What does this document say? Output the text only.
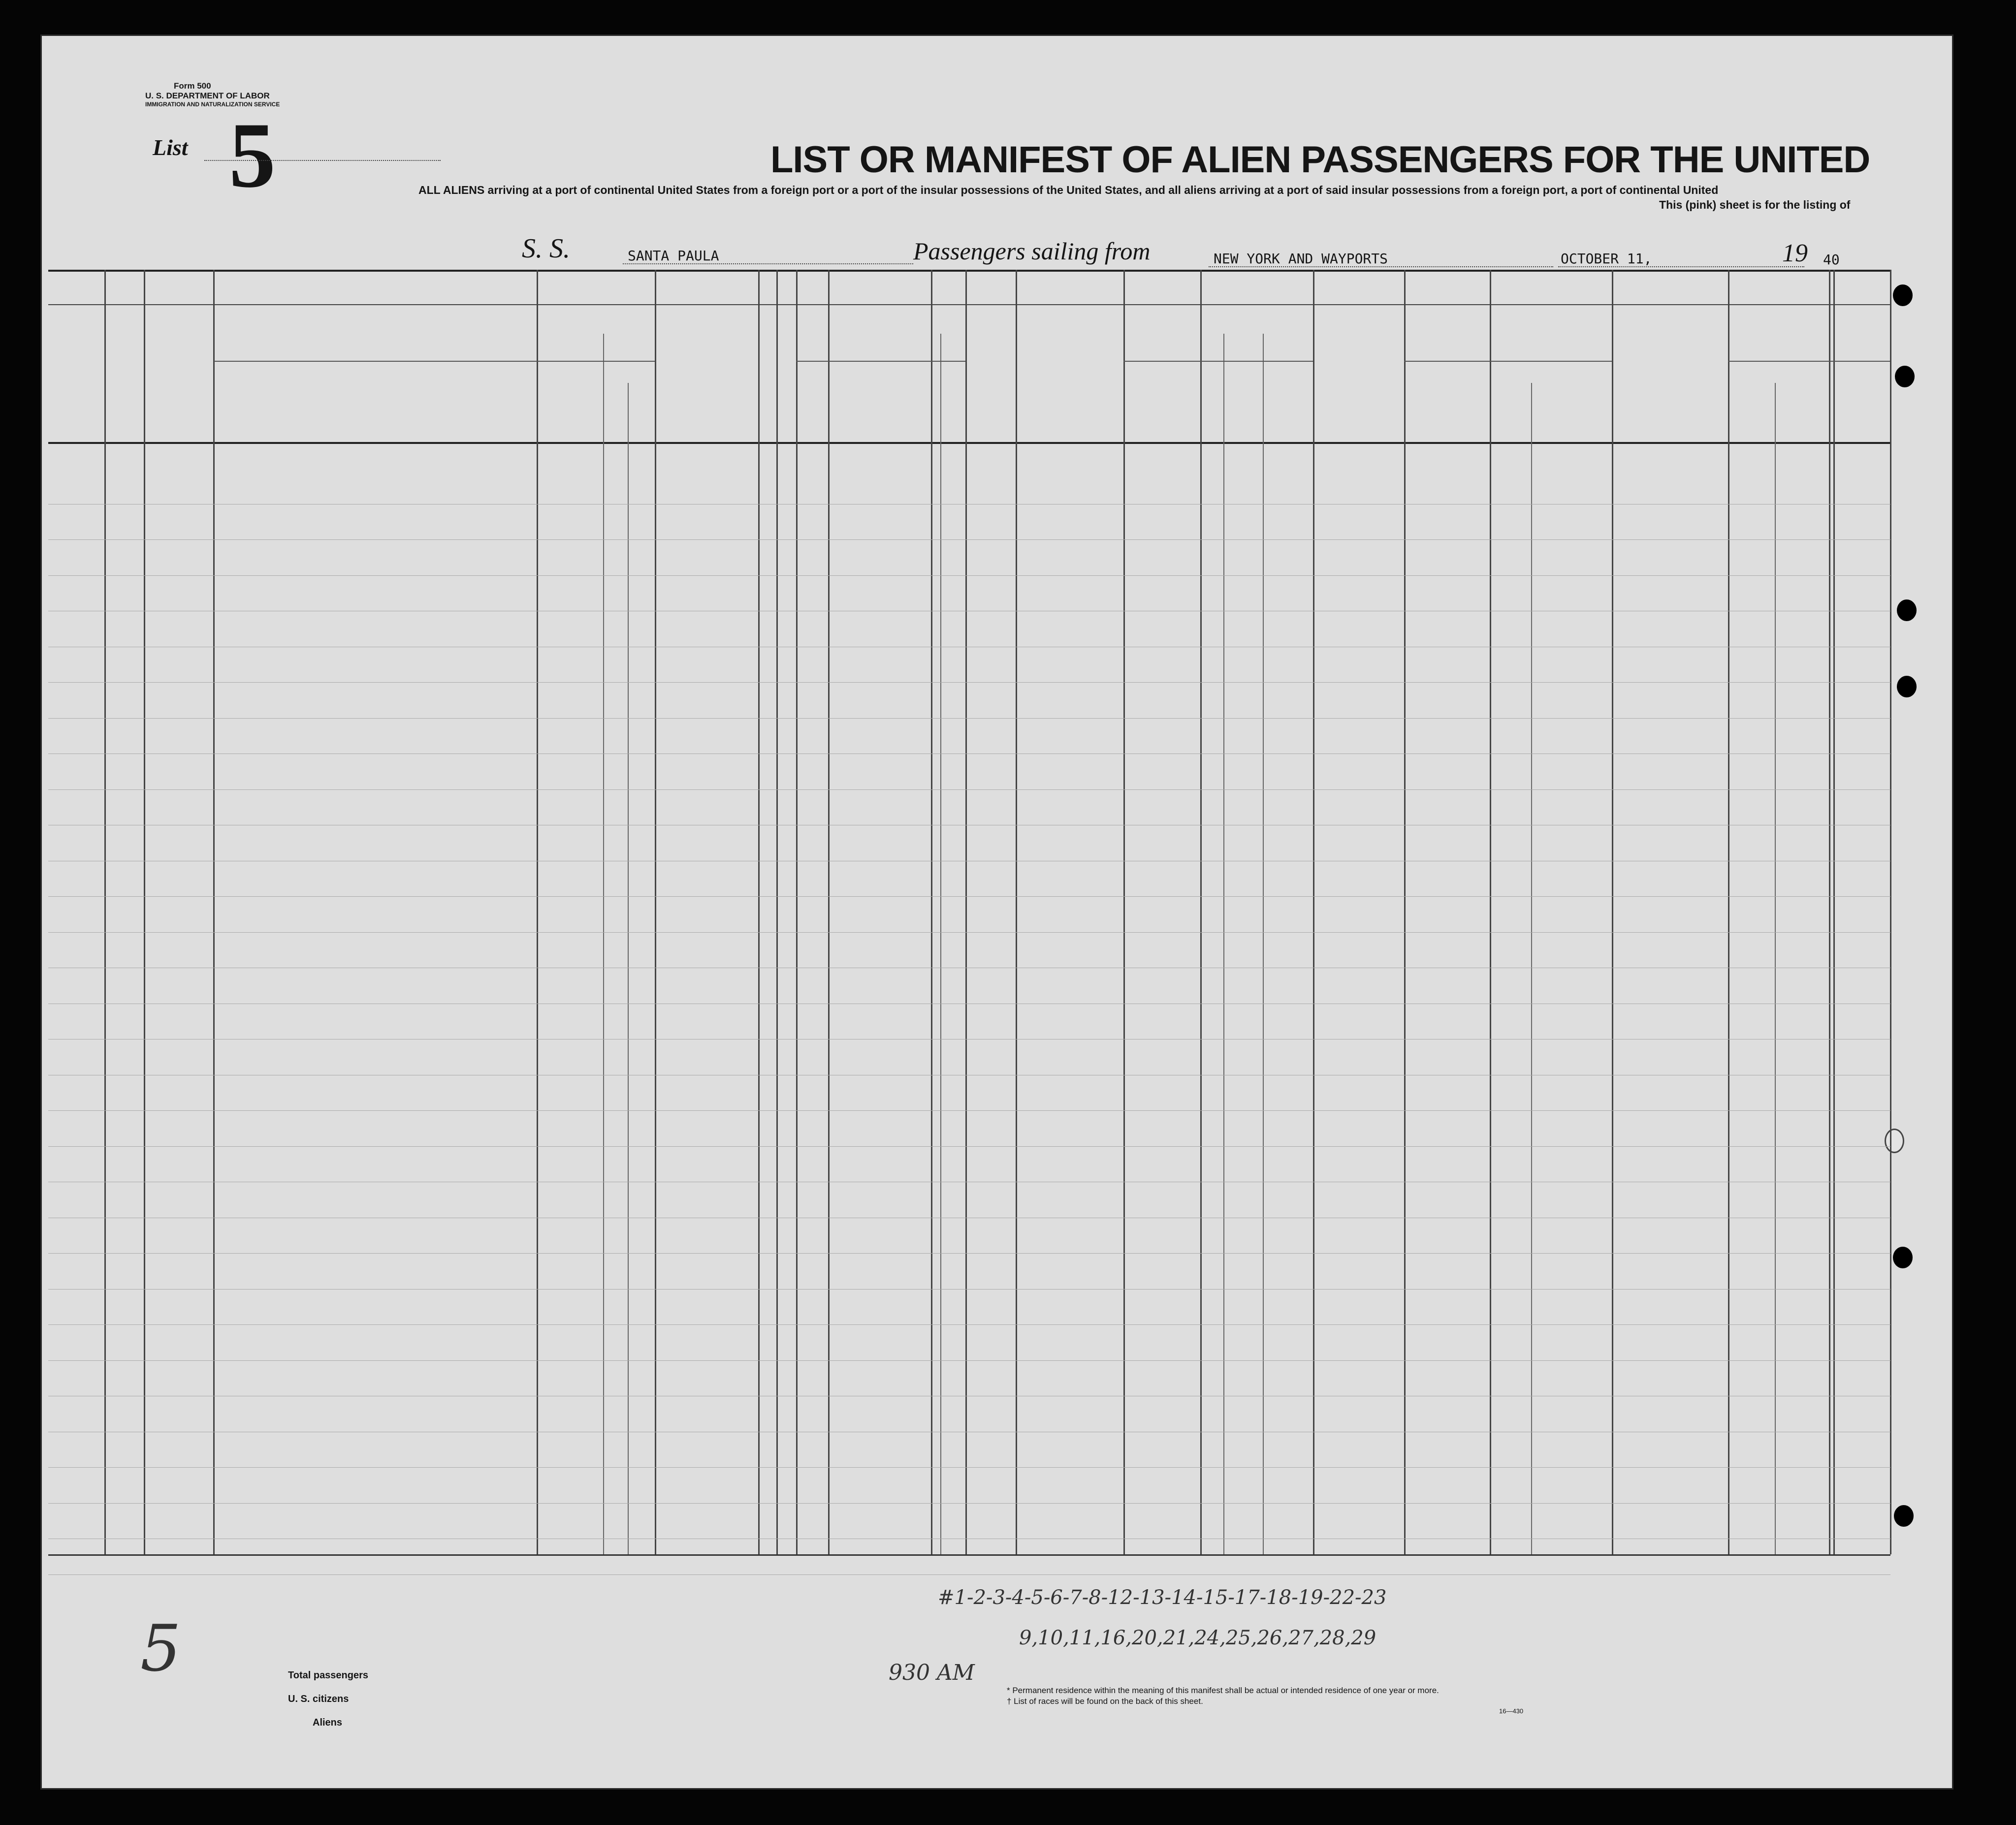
Form 500
U. S. DEPARTMENT OF LABOR
IMMIGRATION AND NATURALIZATION SERVICE
List 5	LIST OR MANIFEST OF ALIEN PASSENGERS FOR THE UNITED
ALL ALIENS arriving at a port of continental United States from a foreign port or a port of the insular possessions of the United States, and all aliens arriving at a port of said insular possessions from a foreign port, a port of continental United
This (pink) sheet is for the listing of
S. S.	SANTA PAULA	Passengers sailing from	NEW YORK AND WAYPORTS	OCTOBER 11,	19 40
#1-2-3-4-5-6-7-8-12-13-14-15-17-18-19-22-23
9,10,11,16,20,21,24,25,26,27,28,29
930 AM
5	Total passengers
U. S. citizens
Aliens
* Permanent residence within the meaning of this manifest shall be actual or intended residence of one year or more.
† List of races will be found on the back of this sheet.
16—430
